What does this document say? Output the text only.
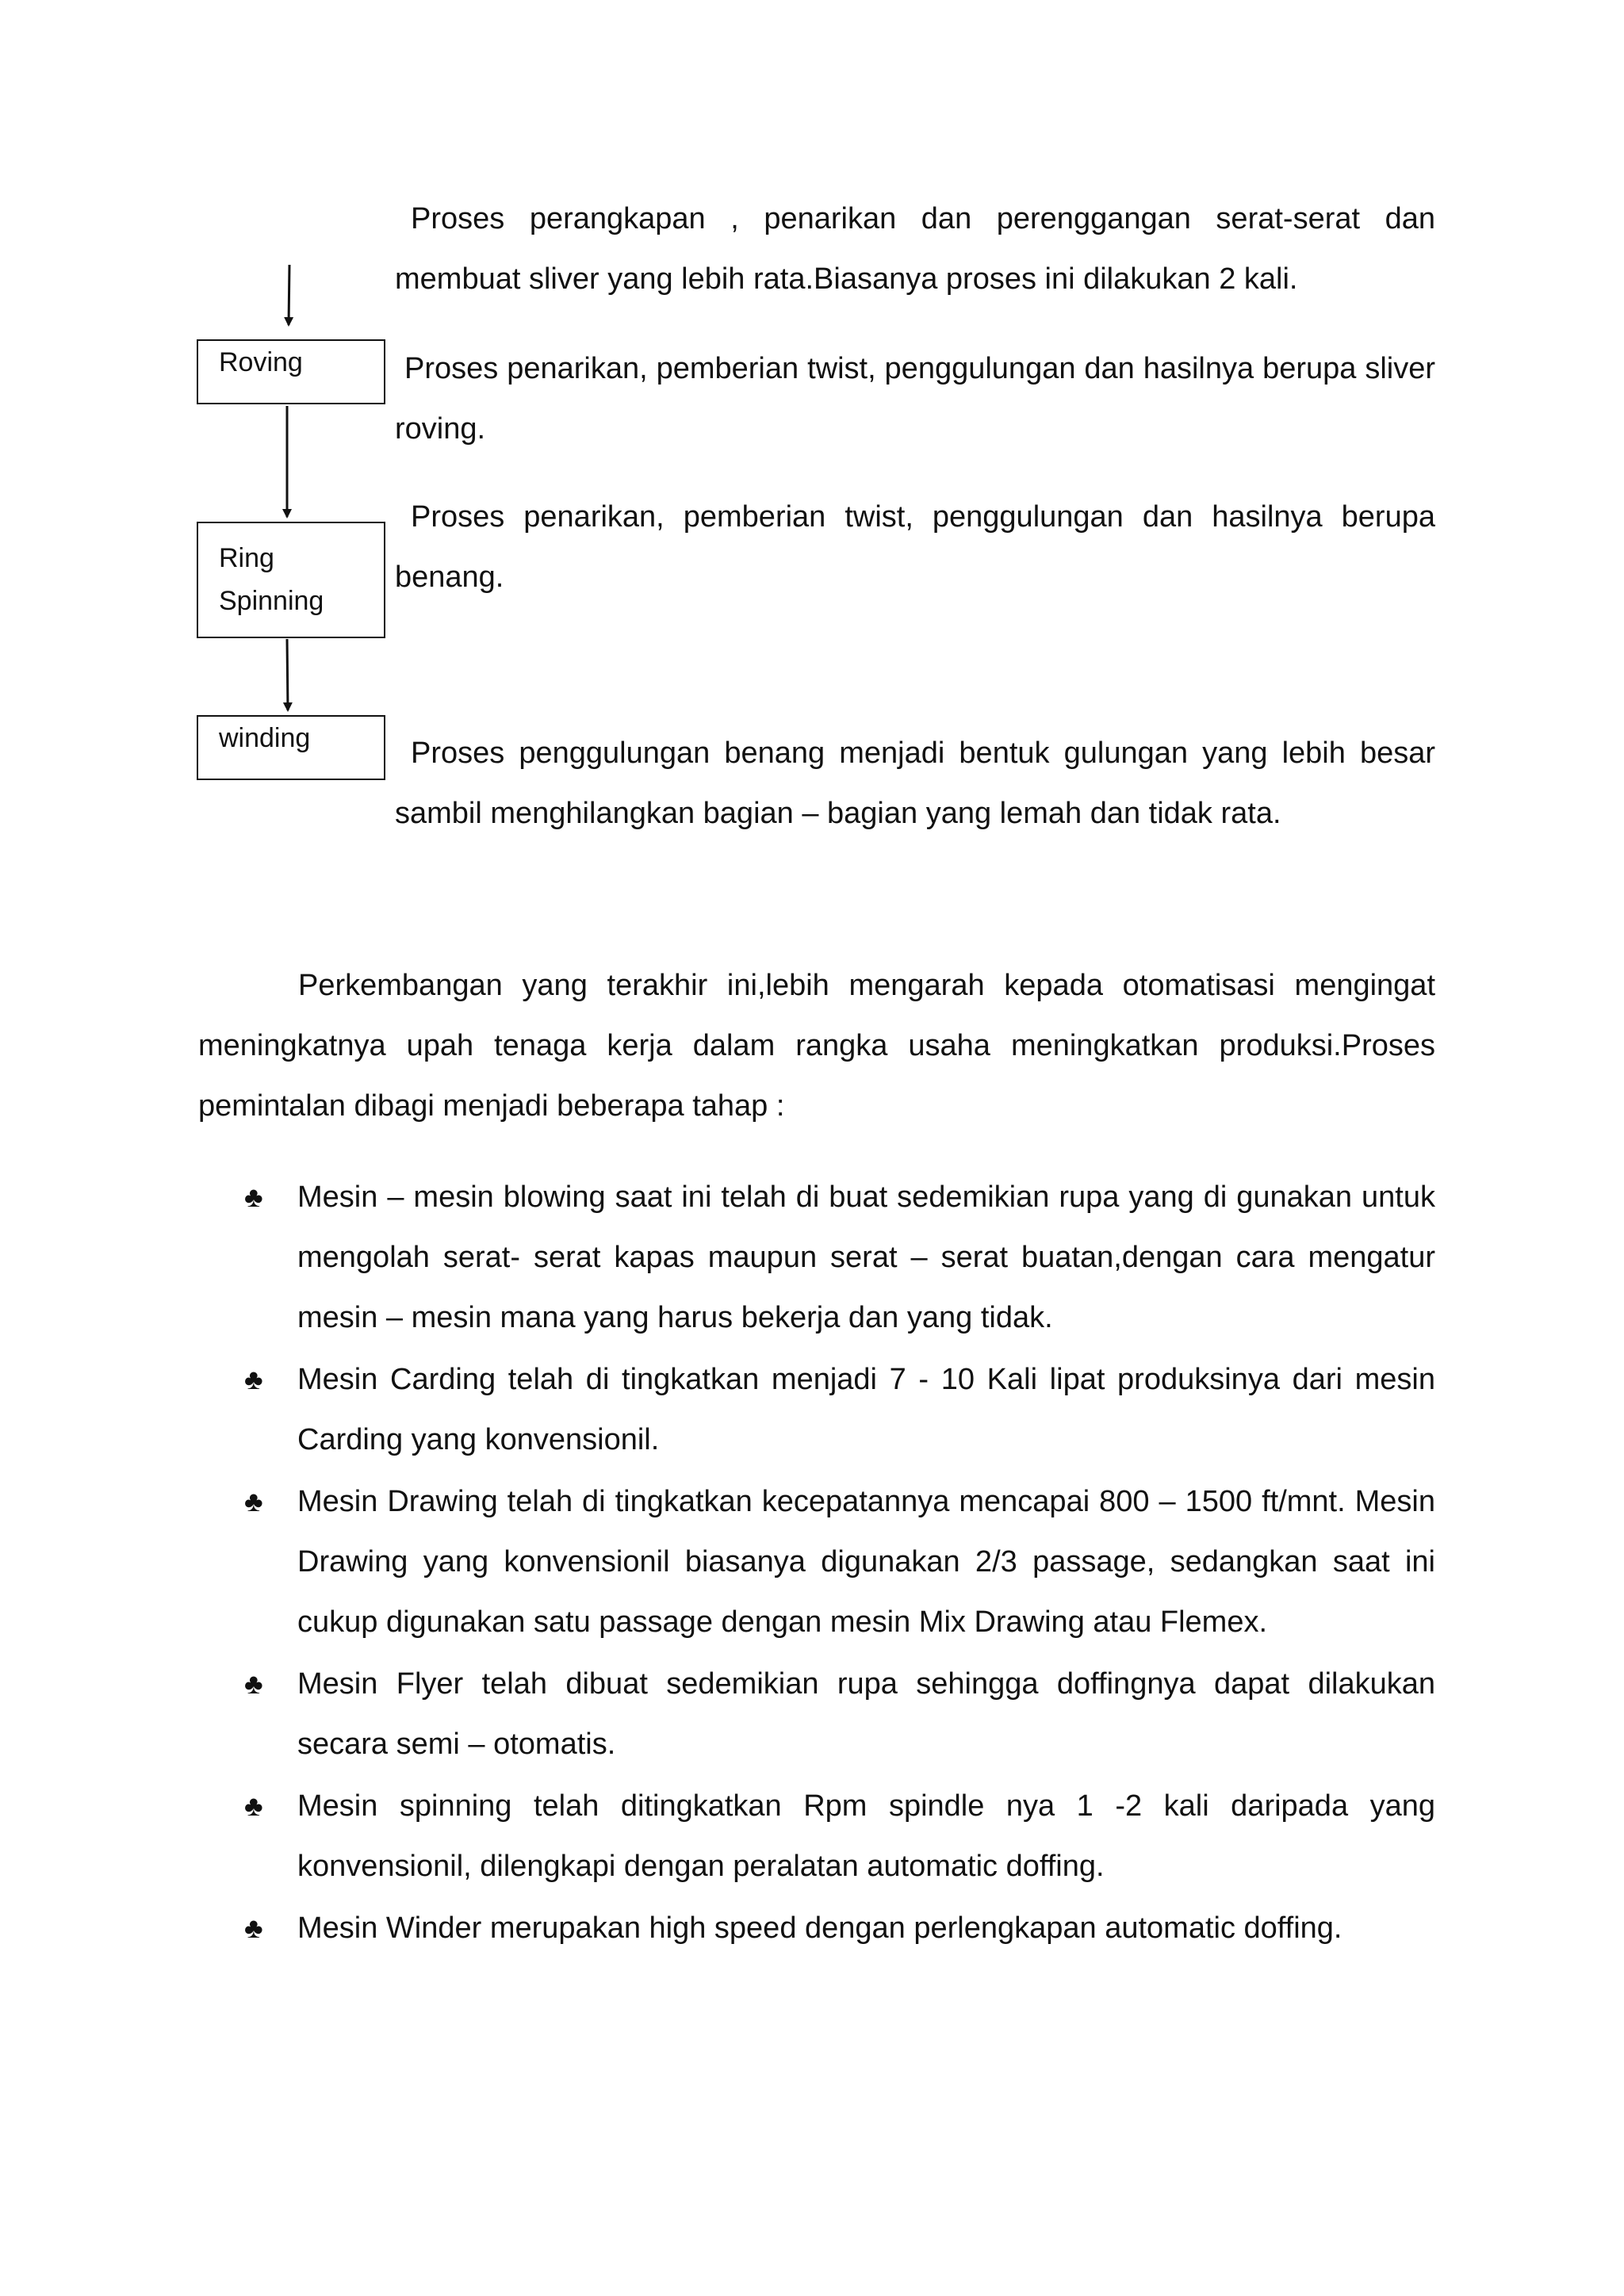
Roving
Ring
Spinning
winding

Proses perangkapan , penarikan dan perenggangan serat-serat dan membuat sliver yang lebih rata.Biasanya proses ini dilakukan 2 kali.

Proses penarikan, pemberian twist, penggulungan dan hasilnya berupa sliver roving.

Proses penarikan, pemberian twist, penggulungan dan hasilnya berupa benang.

Proses penggulungan benang menjadi bentuk gulungan yang lebih besar sambil menghilangkan bagian – bagian yang lemah dan tidak rata.

Perkembangan yang terakhir ini,lebih mengarah kepada otomatisasi mengingat meningkatnya upah tenaga kerja dalam rangka usaha meningkatkan produksi.Proses pemintalan dibagi menjadi beberapa tahap :

♣ Mesin – mesin blowing saat ini telah di buat sedemikian rupa yang di gunakan untuk mengolah serat- serat kapas maupun serat – serat buatan,dengan cara mengatur mesin – mesin mana yang harus bekerja dan yang tidak.
♣ Mesin Carding telah di tingkatkan menjadi 7 - 10 Kali lipat produksinya dari mesin Carding yang konvensionil.
♣ Mesin Drawing telah di tingkatkan kecepatannya mencapai 800 – 1500 ft/mnt. Mesin Drawing yang konvensionil biasanya digunakan 2/3 passage, sedangkan saat ini cukup digunakan satu passage dengan mesin Mix Drawing atau Flemex.
♣ Mesin Flyer telah dibuat sedemikian rupa sehingga doffingnya dapat dilakukan secara semi – otomatis.
♣ Mesin spinning telah ditingkatkan Rpm spindle nya 1 -2 kali daripada yang konvensionil, dilengkapi dengan peralatan automatic doffing.
♣ Mesin Winder merupakan high speed dengan perlengkapan automatic doffing.
